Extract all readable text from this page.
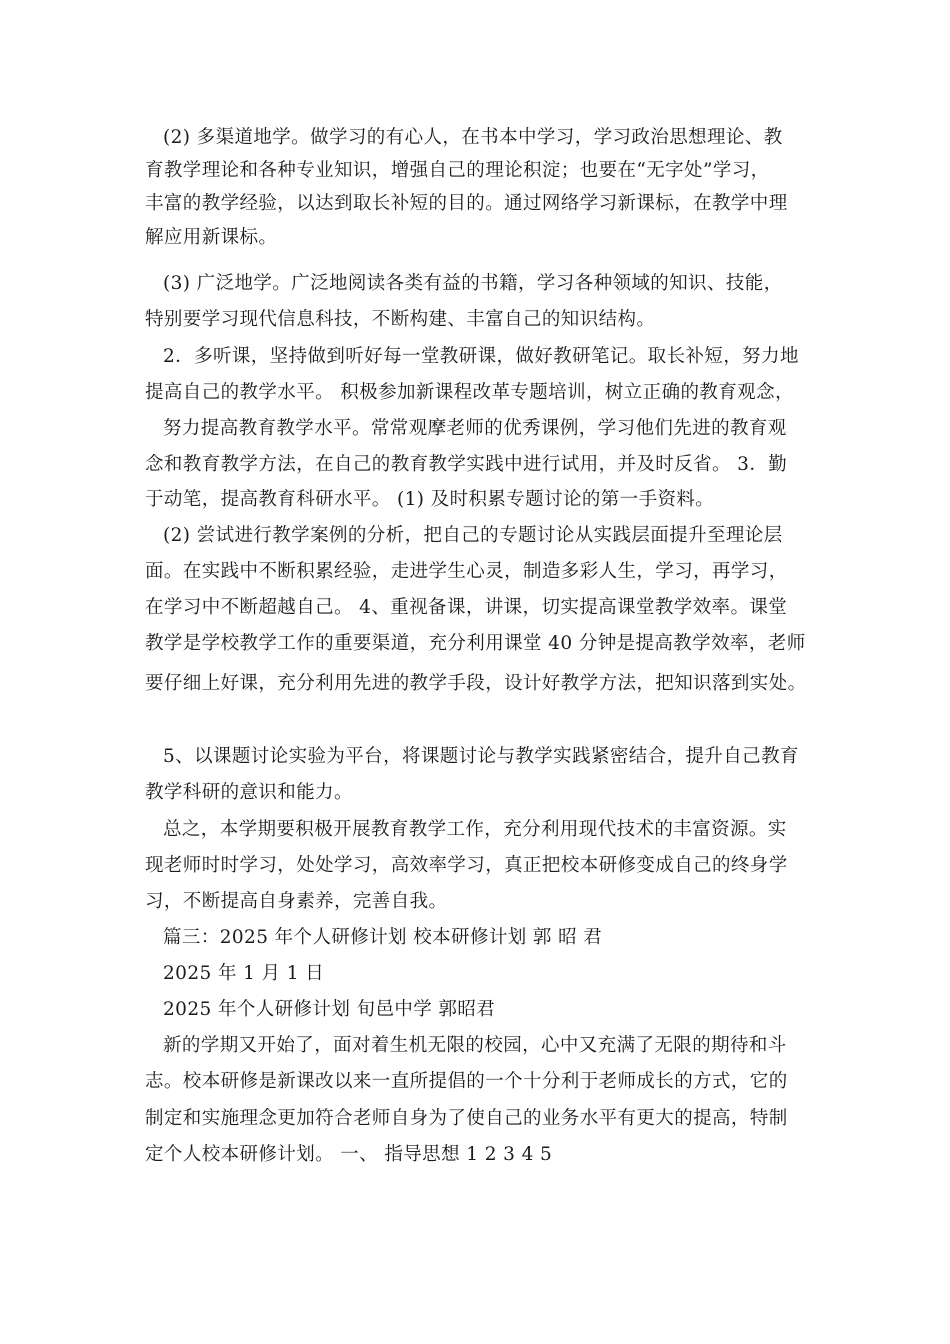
(2) 多渠道地学。做学习的有心人，在书本中学习，学习政治思想理论、教
育教学理论和各种专业知识，增强自己的理论积淀；也要在“无字处”学习，
丰富的教学经验，以达到取长补短的目的。通过网络学习新课标，在教学中理
解应用新课标。
(3) 广泛地学。广泛地阅读各类有益的书籍，学习各种领域的知识、技能，
特别要学习现代信息科技，不断构建、丰富自己的知识结构。
2．多听课，坚持做到听好每一堂教研课，做好教研笔记。取长补短，努力地
提高自己的教学水平。 积极参加新课程改革专题培训，树立正确的教育观念，
努力提高教育教学水平。常常观摩老师的优秀课例，学习他们先进的教育观
念和教育教学方法，在自己的教育教学实践中进行试用，并及时反省。 3．勤
于动笔，提高教育科研水平。 (1) 及时积累专题讨论的第一手资料。
(2) 尝试进行教学案例的分析，把自己的专题讨论从实践层面提升至理论层
面。在实践中不断积累经验，走进学生心灵，制造多彩人生，学习，再学习，
在学习中不断超越自己。 4、重视备课，讲课，切实提高课堂教学效率。课堂
教学是学校教学工作的重要渠道，充分利用课堂 40 分钟是提高教学效率，老师
要仔细上好课，充分利用先进的教学手段，设计好教学方法，把知识落到实处。
5、以课题讨论实验为平台，将课题讨论与教学实践紧密结合，提升自己教育
教学科研的意识和能力。
总之，本学期要积极开展教育教学工作，充分利用现代技术的丰富资源。实
现老师时时学习，处处学习，高效率学习，真正把校本研修变成自己的终身学
习，不断提高自身素养，完善自我。
篇三：2025 年个人研修计划 校本研修计划 郭 昭 君
2025 年 1 月 1 日
2025 年个人研修计划 旬邑中学 郭昭君
新的学期又开始了，面对着生机无限的校园，心中又充满了无限的期待和斗
志。校本研修是新课改以来一直所提倡的一个十分利于老师成长的方式，它的
制定和实施理念更加符合老师自身为了使自己的业务水平有更大的提高，特制
定个人校本研修计划。 一、 指导思想 1 2 3 4 5
